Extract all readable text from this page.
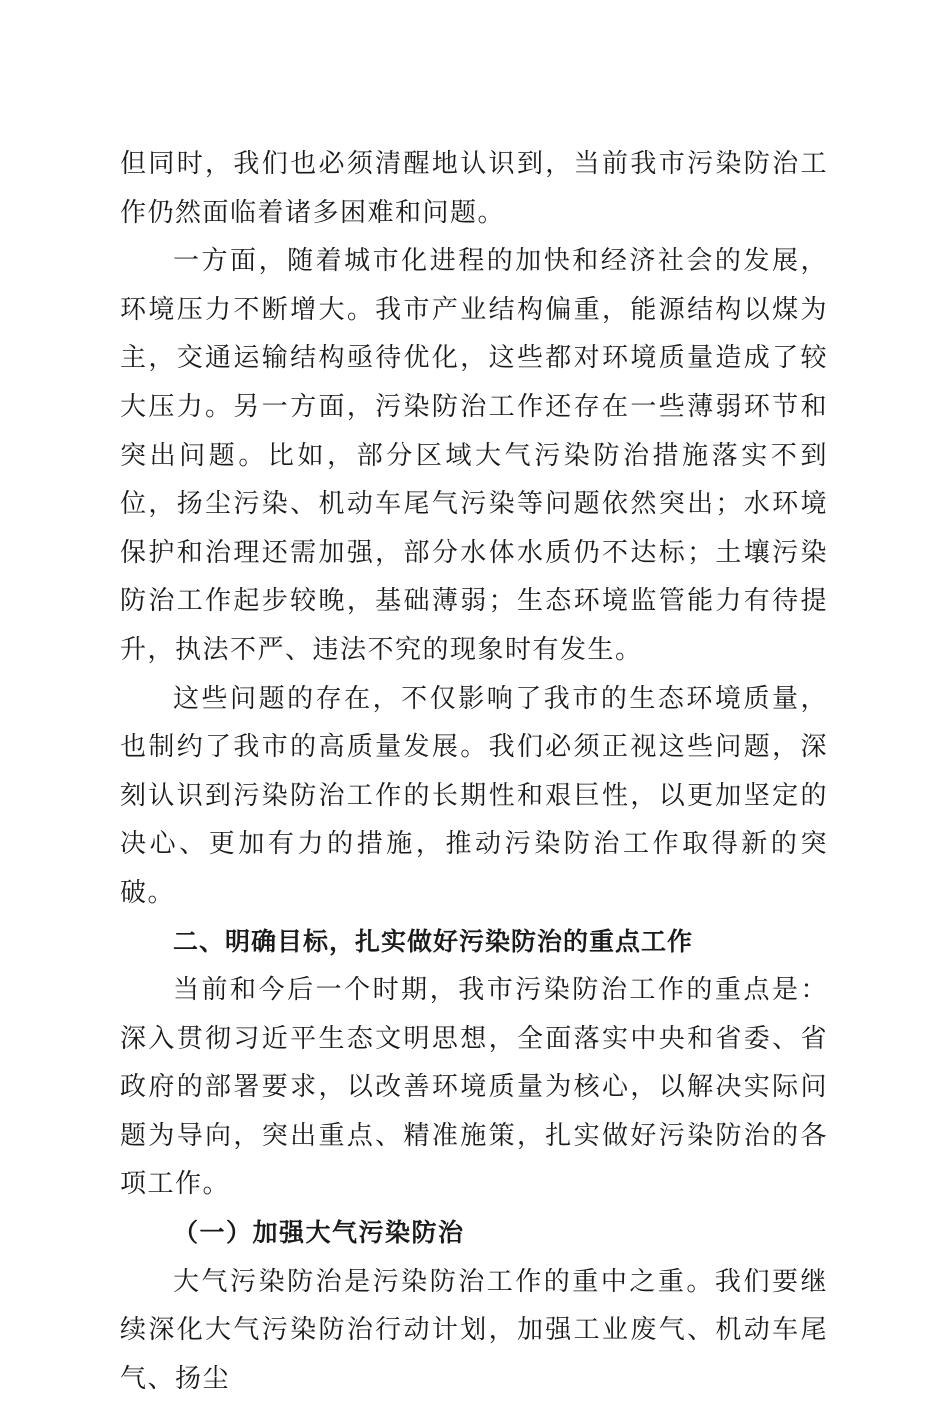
但同时，我们也必须清醒地认识到，当前我市污染防治工作仍然面临着诸多困难和问题。

一方面，随着城市化进程的加快和经济社会的发展，环境压力不断增大。我市产业结构偏重，能源结构以煤为主，交通运输结构亟待优化，这些都对环境质量造成了较大压力。另一方面，污染防治工作还存在一些薄弱环节和突出问题。比如，部分区域大气污染防治措施落实不到位，扬尘污染、机动车尾气污染等问题依然突出；水环境保护和治理还需加强，部分水体水质仍不达标；土壤污染防治工作起步较晚，基础薄弱；生态环境监管能力有待提升，执法不严、违法不究的现象时有发生。

这些问题的存在，不仅影响了我市的生态环境质量，也制约了我市的高质量发展。我们必须正视这些问题，深刻认识到污染防治工作的长期性和艰巨性，以更加坚定的决心、更加有力的措施，推动污染防治工作取得新的突破。

二、明确目标，扎实做好污染防治的重点工作

当前和今后一个时期，我市污染防治工作的重点是：深入贯彻习近平生态文明思想，全面落实中央和省委、省政府的部署要求，以改善环境质量为核心，以解决实际问题为导向，突出重点、精准施策，扎实做好污染防治的各项工作。

（一）加强大气污染防治

大气污染防治是污染防治工作的重中之重。我们要继续深化大气污染防治行动计划，加强工业废气、机动车尾气、扬尘
